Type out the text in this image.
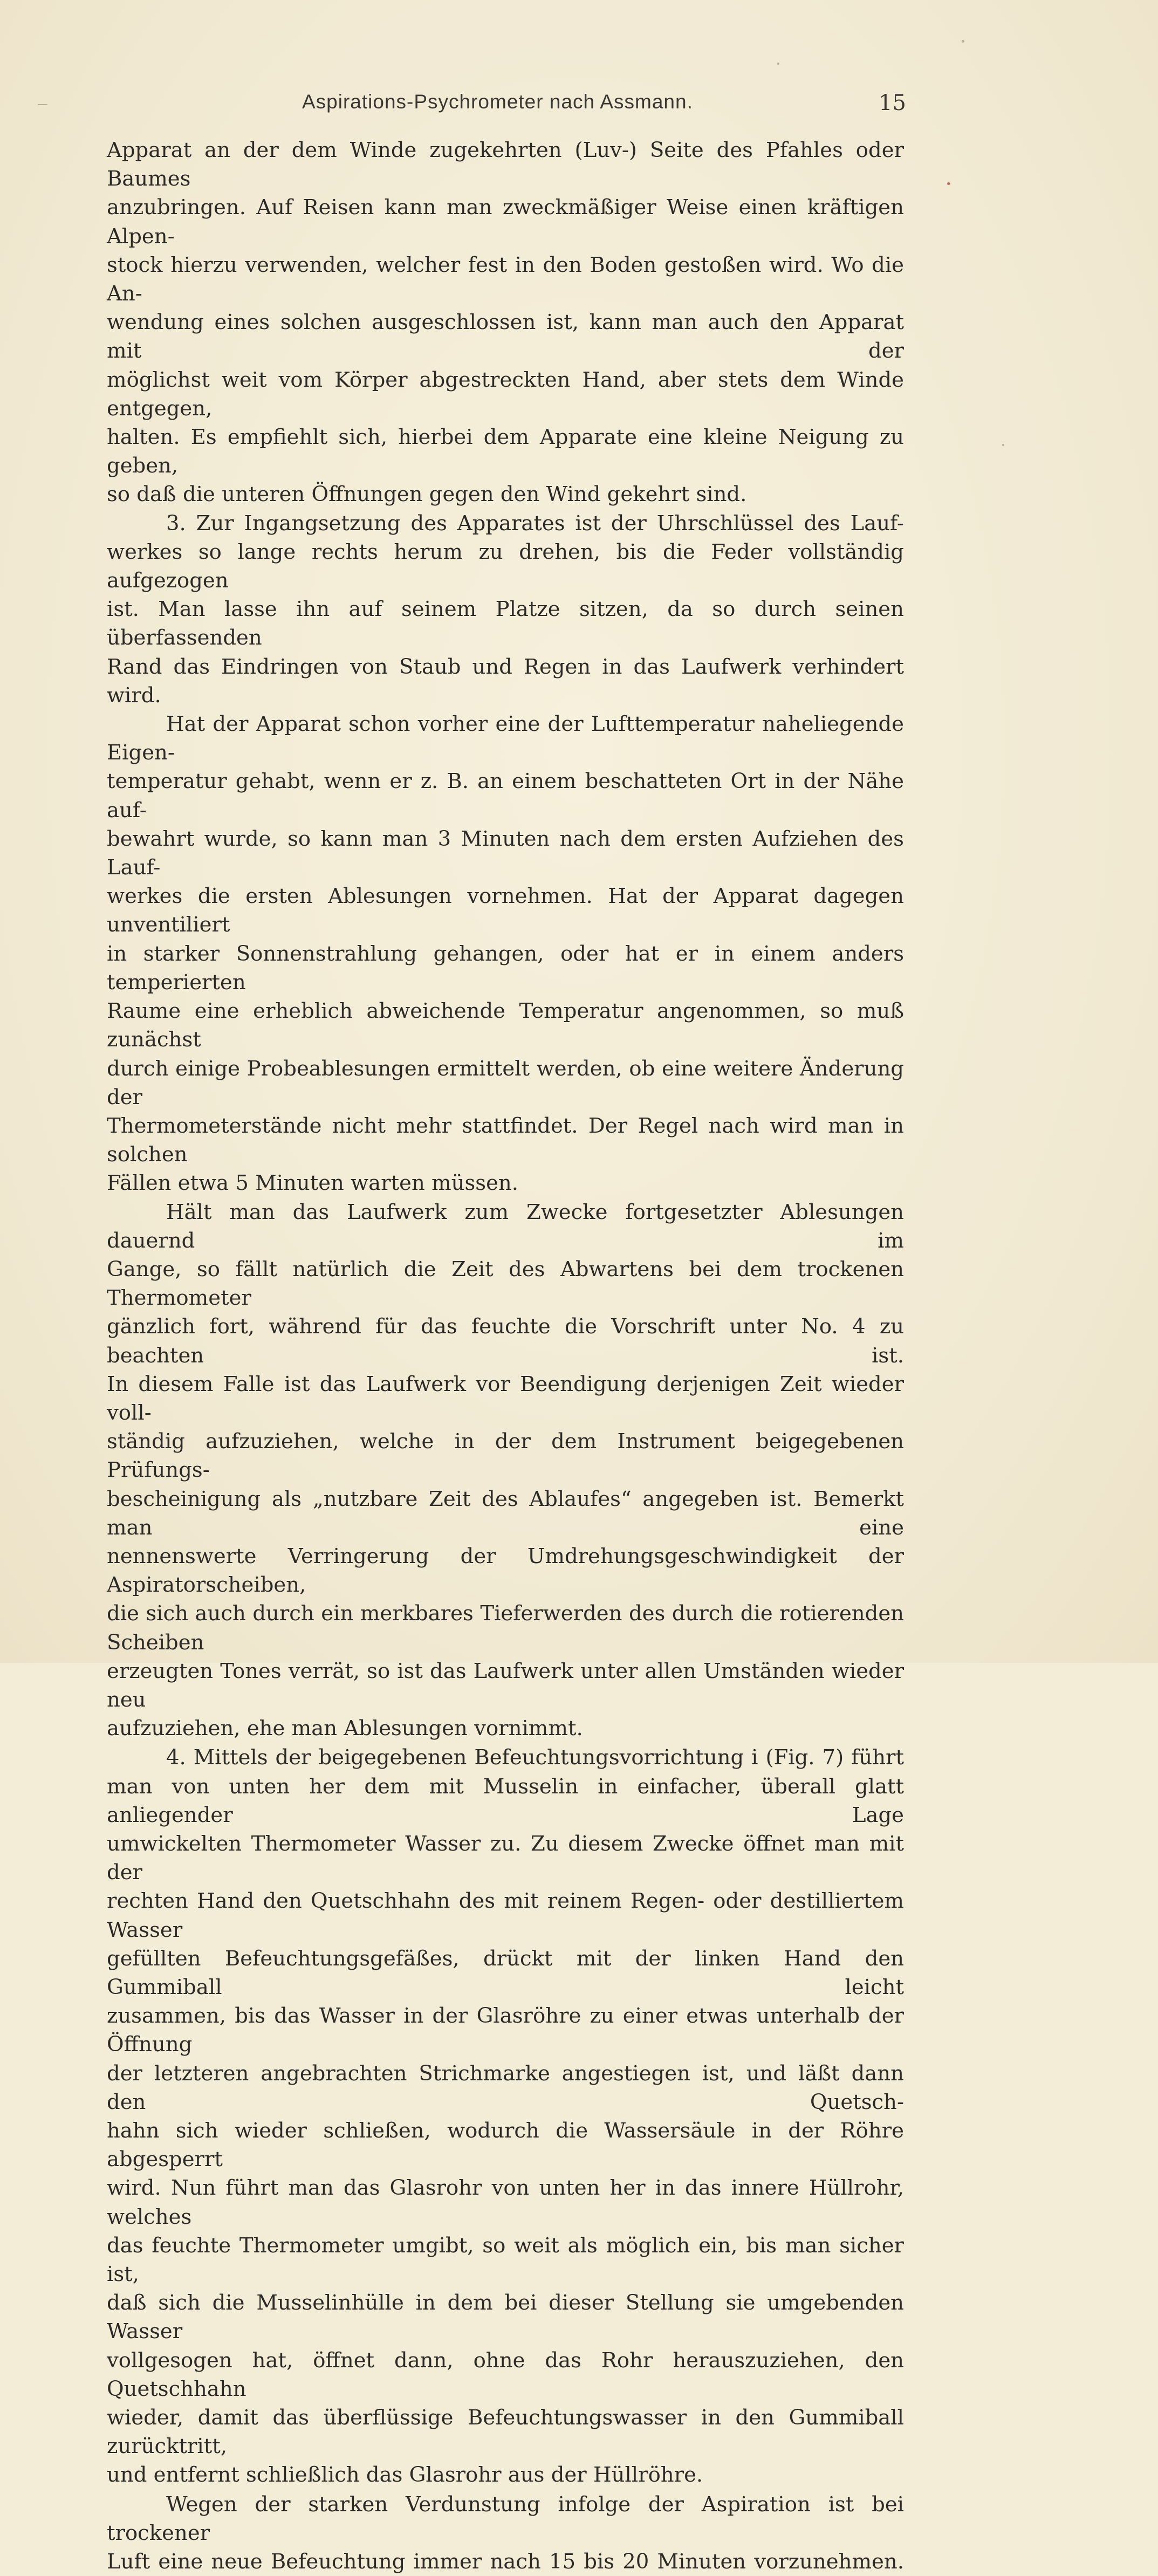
Aspirations-Psychrometer nach Assmann.	15

Apparat an der dem Winde zugekehrten (Luv-) Seite des Pfahles oder Baumes

anzubringen. Auf Reisen kann man zweckmäßiger Weise einen kräftigen Alpen-

stock hierzu verwenden, welcher fest in den Boden gestoßen wird. Wo die An-

wendung eines solchen ausgeschlossen ist, kann man auch den Apparat mit der

möglichst weit vom Körper abgestreckten Hand, aber stets dem Winde entgegen,

halten. Es empfiehlt sich, hierbei dem Apparate eine kleine Neigung zu geben,

so daß die unteren Öffnungen gegen den Wind gekehrt sind.

3. Zur Ingangsetzung des Apparates ist der Uhrschlüssel des Lauf-

werkes so lange rechts herum zu drehen, bis die Feder vollständig aufgezogen

ist. Man lasse ihn auf seinem Platze sitzen, da so durch seinen überfassenden

Rand das Eindringen von Staub und Regen in das Laufwerk verhindert wird.

Hat der Apparat schon vorher eine der Lufttemperatur naheliegende Eigen-

temperatur gehabt, wenn er z. B. an einem beschatteten Ort in der Nähe auf-

bewahrt wurde, so kann man 3 Minuten nach dem ersten Aufziehen des Lauf-

werkes die ersten Ablesungen vornehmen. Hat der Apparat dagegen unventiliert

in starker Sonnenstrahlung gehangen, oder hat er in einem anders temperierten

Raume eine erheblich abweichende Temperatur angenommen, so muß zunächst

durch einige Probeablesungen ermittelt werden, ob eine weitere Änderung der

Thermometerstände nicht mehr stattfindet. Der Regel nach wird man in solchen

Fällen etwa 5 Minuten warten müssen.

Hält man das Laufwerk zum Zwecke fortgesetzter Ablesungen dauernd im

Gange, so fällt natürlich die Zeit des Abwartens bei dem trockenen Thermometer

gänzlich fort, während für das feuchte die Vorschrift unter No. 4 zu beachten ist.

In diesem Falle ist das Laufwerk vor Beendigung derjenigen Zeit wieder voll-

ständig aufzuziehen, welche in der dem Instrument beigegebenen Prüfungs-

bescheinigung als „nutzbare Zeit des Ablaufes“ angegeben ist. Bemerkt man eine

nennenswerte Verringerung der Umdrehungsgeschwindigkeit der Aspiratorscheiben,

die sich auch durch ein merkbares Tieferwerden des durch die rotierenden Scheiben

erzeugten Tones verrät, so ist das Laufwerk unter allen Umständen wieder neu

aufzuziehen, ehe man Ablesungen vornimmt.

4. Mittels der beigegebenen Befeuchtungsvorrichtung i (Fig. 7) führt

man von unten her dem mit Musselin in einfacher, überall glatt anliegender Lage

umwickelten Thermometer Wasser zu. Zu diesem Zwecke öffnet man mit der

rechten Hand den Quetschhahn des mit reinem Regen- oder destilliertem Wasser

gefüllten Befeuchtungsgefäßes, drückt mit der linken Hand den Gummiball leicht

zusammen, bis das Wasser in der Glasröhre zu einer etwas unterhalb der Öffnung

der letzteren angebrachten Strichmarke angestiegen ist, und läßt dann den Quetsch-

hahn sich wieder schließen, wodurch die Wassersäule in der Röhre abgesperrt

wird. Nun führt man das Glasrohr von unten her in das innere Hüllrohr, welches

das feuchte Thermometer umgibt, so weit als möglich ein, bis man sicher ist,

daß sich die Musselinhülle in dem bei dieser Stellung sie umgebenden Wasser

vollgesogen hat, öffnet dann, ohne das Rohr herauszuziehen, den Quetschhahn

wieder, damit das überflüssige Befeuchtungswasser in den Gummiball zurücktritt,

und entfernt schließlich das Glasrohr aus der Hüllröhre.

Wegen der starken Verdunstung infolge der Aspiration ist bei trockener

Luft eine neue Befeuchtung immer nach 15 bis 20 Minuten vorzunehmen.
